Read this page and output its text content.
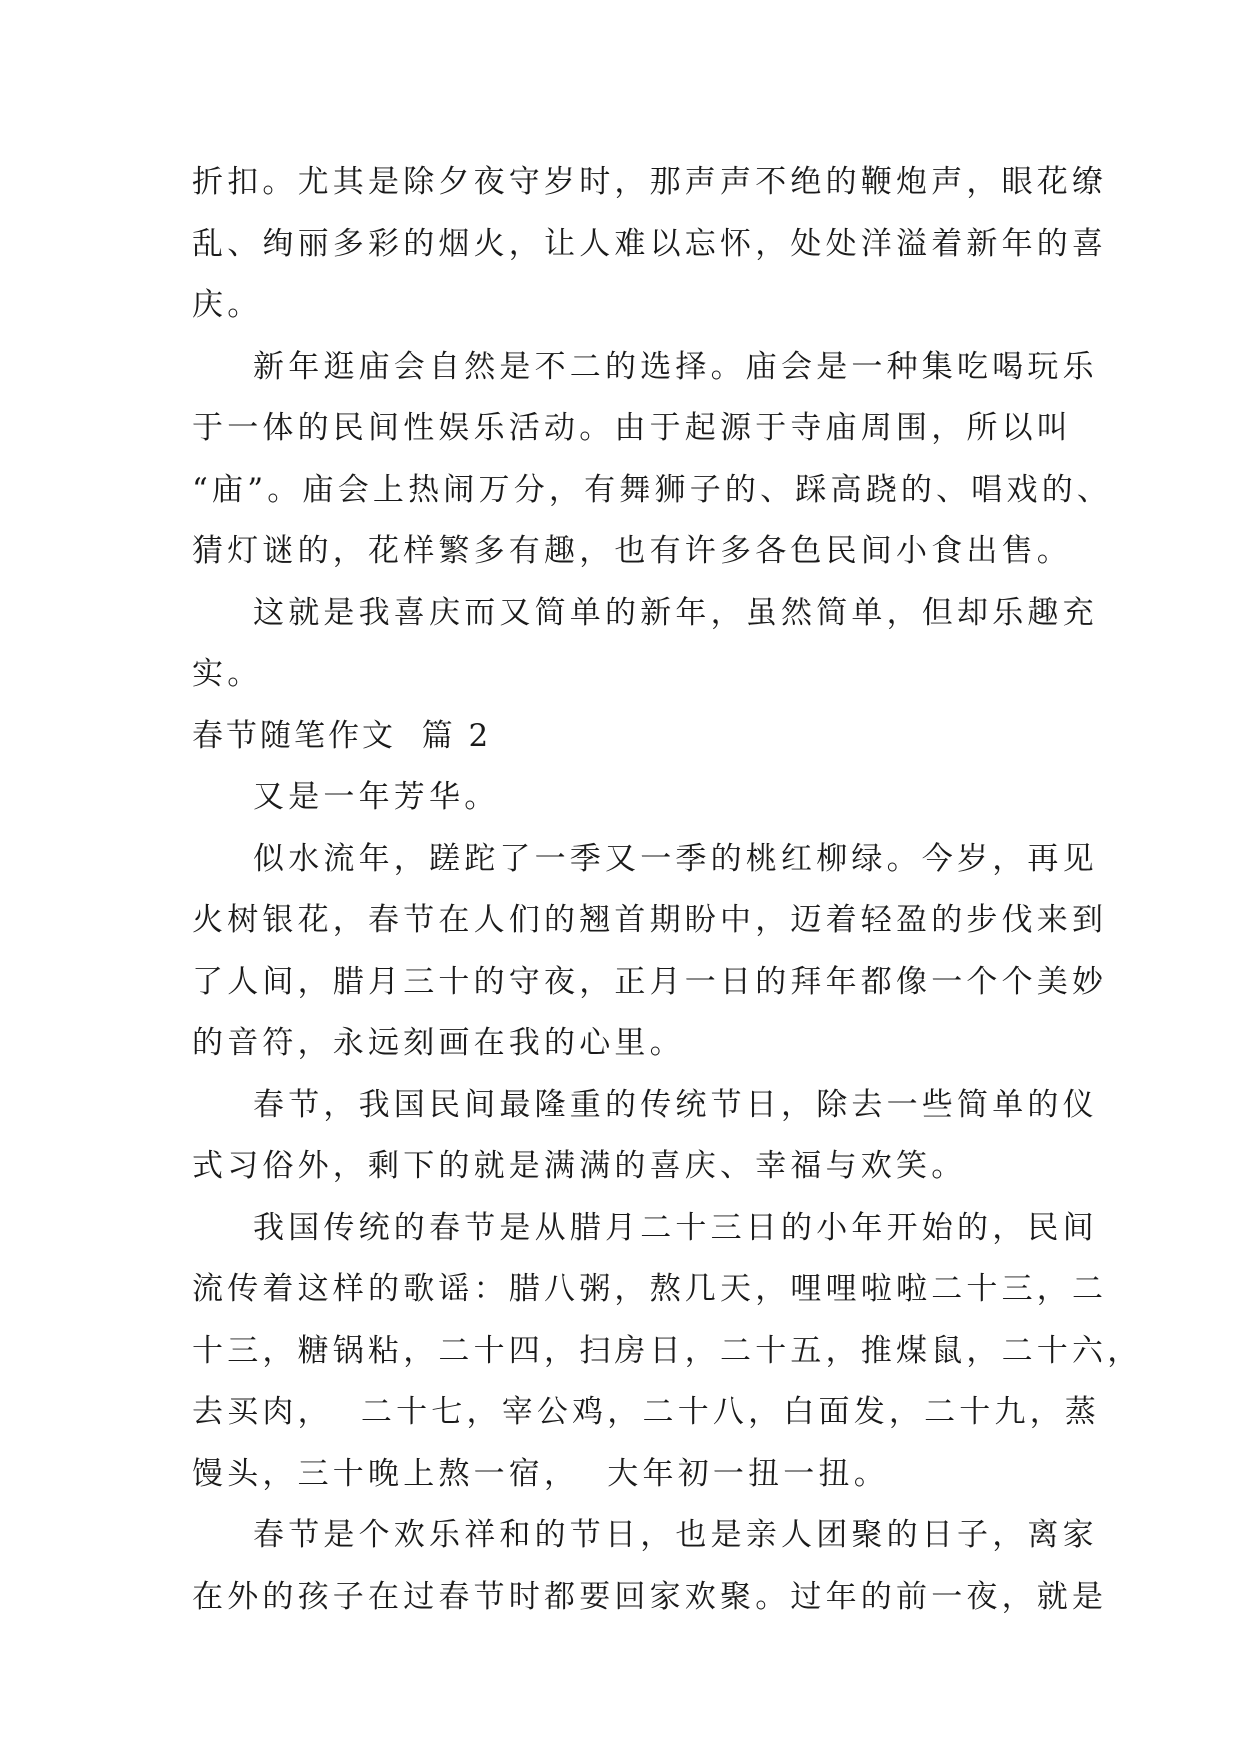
折扣。尤其是除夕夜守岁时，那声声不绝的鞭炮声，眼花缭
乱、绚丽多彩的烟火，让人难以忘怀，处处洋溢着新年的喜
庆。

新年逛庙会自然是不二的选择。庙会是一种集吃喝玩乐
于一体的民间性娱乐活动。由于起源于寺庙周围，所以叫
“庙”。庙会上热闹万分，有舞狮子的、踩高跷的、唱戏的、
猜灯谜的，花样繁多有趣，也有许多各色民间小食出售。

这就是我喜庆而又简单的新年，虽然简单，但却乐趣充
实。

春节随笔作文  篇 2

又是一年芳华。

似水流年，蹉跎了一季又一季的桃红柳绿。今岁，再见
火树银花，春节在人们的翘首期盼中，迈着轻盈的步伐来到
了人间，腊月三十的守夜，正月一日的拜年都像一个个美妙
的音符，永远刻画在我的心里。

春节，我国民间最隆重的传统节日，除去一些简单的仪
式习俗外，剩下的就是满满的喜庆、幸福与欢笑。

我国传统的春节是从腊月二十三日的小年开始的，民间
流传着这样的歌谣：腊八粥，熬几天，哩哩啦啦二十三，二
十三，糖锅粘，二十四，扫房日，二十五，推煤鼠，二十六，
去买肉，  二十七，宰公鸡，二十八，白面发，二十九，蒸
馒头，三十晚上熬一宿，  大年初一扭一扭。

春节是个欢乐祥和的节日，也是亲人团聚的日子，离家
在外的孩子在过春节时都要回家欢聚。过年的前一夜，就是
